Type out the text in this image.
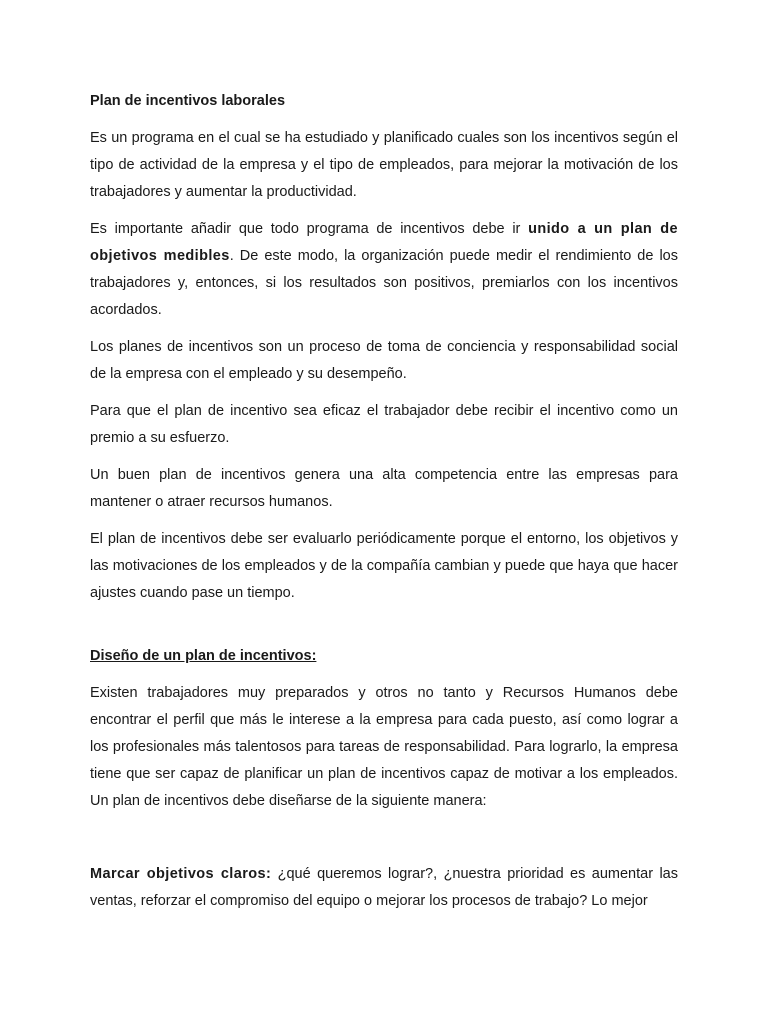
Plan de incentivos laborales

Es un programa en el cual se ha estudiado y planificado cuales son los incentivos según el tipo de actividad de la empresa y el tipo de empleados, para mejorar la motivación de los trabajadores y aumentar la productividad.

Es importante añadir que todo programa de incentivos debe ir unido a un plan de objetivos medibles. De este modo, la organización puede medir el rendimiento de los trabajadores y, entonces, si los resultados son positivos, premiarlos con los incentivos acordados.

Los planes de incentivos son un proceso de toma de conciencia y responsabilidad social de la empresa con el empleado y su desempeño.

Para que el plan de incentivo sea eficaz el trabajador debe recibir el incentivo como un premio a su esfuerzo.

Un buen plan de incentivos genera una alta competencia entre las empresas para mantener o atraer recursos humanos.

El plan de incentivos debe ser evaluarlo periódicamente porque el entorno, los objetivos y las motivaciones de los empleados y de la compañía cambian y puede que haya que hacer ajustes cuando pase un tiempo.

Diseño de un plan de incentivos:

Existen trabajadores muy preparados y otros no tanto y Recursos Humanos debe encontrar el perfil que más le interese a la empresa para cada puesto, así como lograr a los profesionales más talentosos para tareas de responsabilidad. Para lograrlo, la empresa tiene que ser capaz de planificar un plan de incentivos capaz de motivar a los empleados. Un plan de incentivos debe diseñarse de la siguiente manera:

Marcar objetivos claros: ¿qué queremos lograr?, ¿nuestra prioridad es aumentar las ventas, reforzar el compromiso del equipo o mejorar los procesos de trabajo? Lo mejor
